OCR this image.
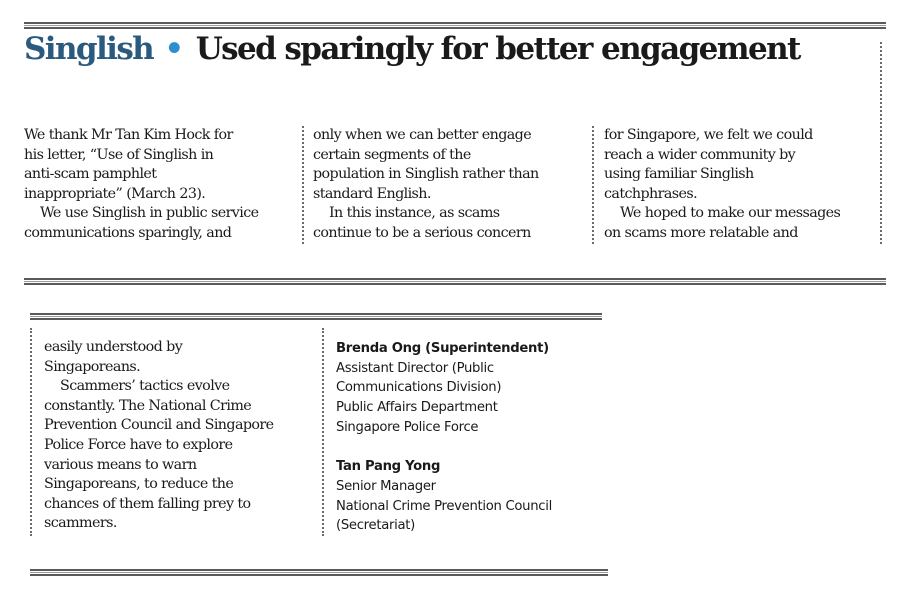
Singlish • Used sparingly for better engagement

We thank Mr Tan Kim Hock for

his letter, “Use of Singlish in

anti-scam pamphlet

inappropriate” (March 23).

We use Singlish in public service

communications sparingly, and

only when we can better engage

certain segments of the

population in Singlish rather than

standard English.

In this instance, as scams

continue to be a serious concern

for Singapore, we felt we could

reach a wider community by

using familiar Singlish

catchphrases.

We hoped to make our messages

on scams more relatable and

easily understood by

Singaporeans.

Scammers’ tactics evolve

constantly. The National Crime

Prevention Council and Singapore

Police Force have to explore

various means to warn

Singaporeans, to reduce the

chances of them falling prey to

scammers.

Brenda Ong (Superintendent)

Assistant Director (Public

Communications Division)

Public Affairs Department

Singapore Police Force

Tan Pang Yong

Senior Manager

National Crime Prevention Council

(Secretariat)
